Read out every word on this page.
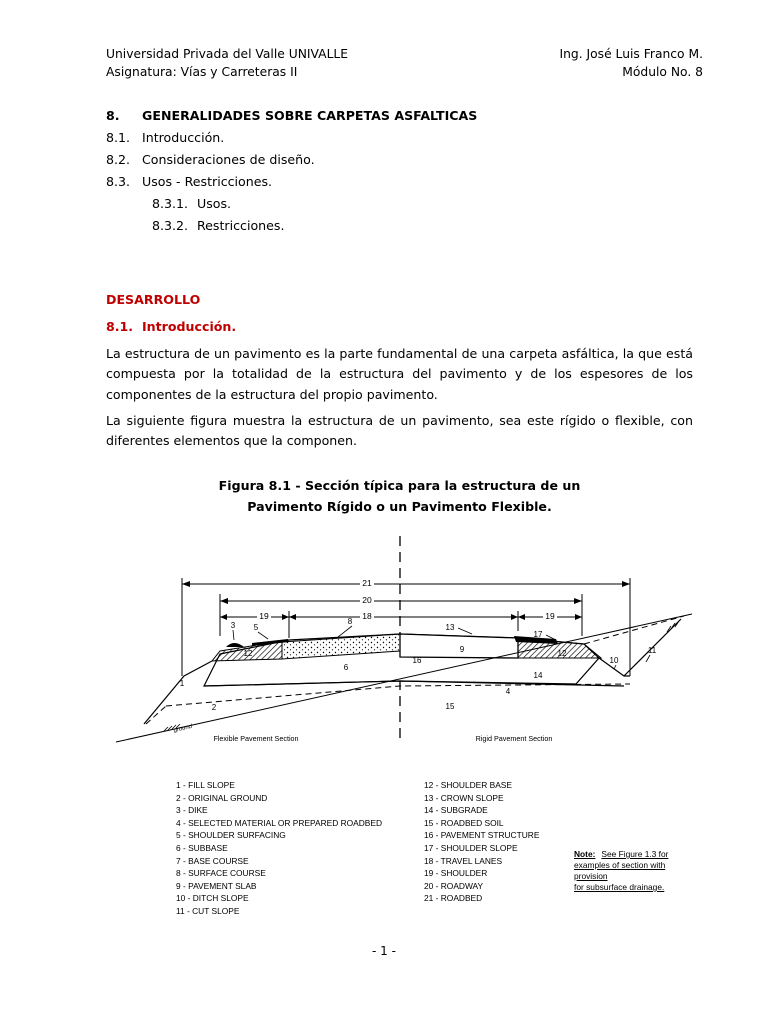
Universidad Privada del Valle UNIVALLE
Asignatura: Vías y Carreteras II
Ing. José Luis Franco M.
Módulo No. 8
8.	GENERALIDADES SOBRE CARPETAS ASFALTICAS
8.1. Introducción.
8.2. Consideraciones de diseño.
8.3. Usos - Restricciones.
8.3.1. Usos.
8.3.2. Restricciones.
DESARROLLO
8.1. Introducción.
La estructura de un pavimento es la parte fundamental de una carpeta asfáltica, la que está compuesta por la totalidad de la estructura del pavimento y de los espesores de los componentes de la estructura del propio pavimento.
La siguiente figura muestra la estructura de un pavimento, sea este rígido o flexible, con diferentes elementos que la componen.
Figura 8.1 - Sección típica para la estructura de un
Pavimento Rígido o un Pavimento Flexible.
21
20
19	18	19
ground
3 5
8
13
17
12
6
16
9	12
10
11
1
14
4
2	15
Flexible Pavement Section	Rigid Pavement Section
1 - FILL SLOPE
2 - ORIGINAL GROUND
3 - DIKE
4 - SELECTED MATERIAL OR PREPARED ROADBED
5 - SHOULDER SURFACING
6 - SUBBASE
7 - BASE COURSE
8 - SURFACE COURSE
9 - PAVEMENT SLAB
10 - DITCH SLOPE
11 - CUT SLOPE
12 - SHOULDER BASE
13 - CROWN SLOPE
14 - SUBGRADE
15 - ROADBED SOIL
16 - PAVEMENT STRUCTURE
17 - SHOULDER SLOPE
18 - TRAVEL LANES
19 - SHOULDER
20 - ROADWAY
21 - ROADBED
Note: See Figure 1.3 for
examples of section with provision
for subsurface drainage.
- 1 -
